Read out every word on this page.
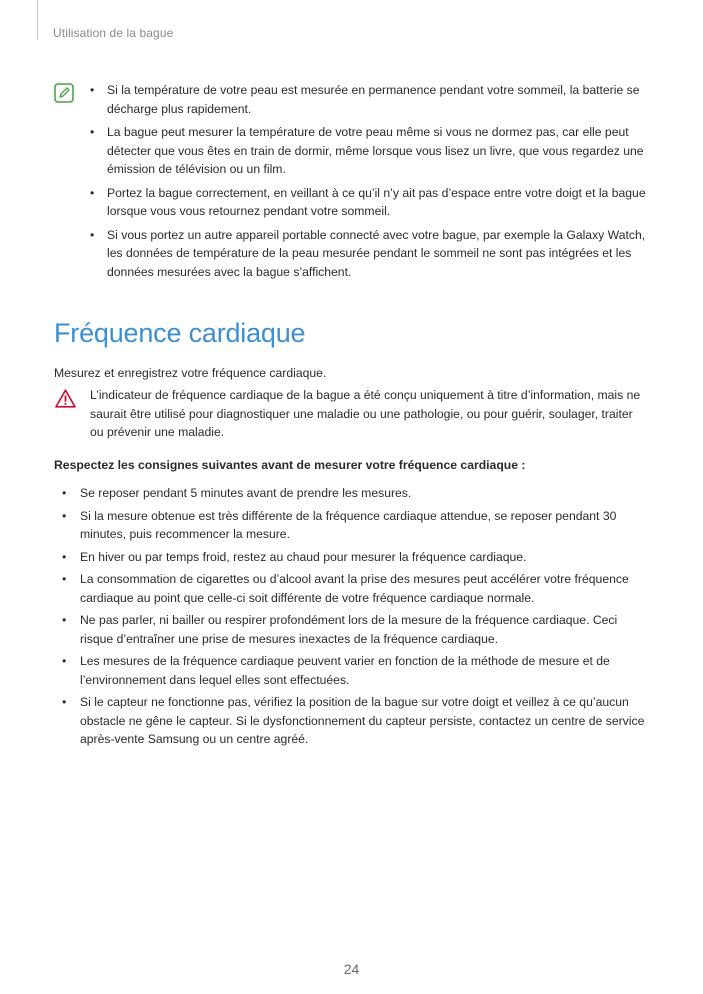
Utilisation de la bague
• Si la température de votre peau est mesurée en permanence pendant votre sommeil, la batterie se décharge plus rapidement.
• La bague peut mesurer la température de votre peau même si vous ne dormez pas, car elle peut détecter que vous êtes en train de dormir, même lorsque vous lisez un livre, que vous regardez une émission de télévision ou un film.
• Portez la bague correctement, en veillant à ce qu’il n’y ait pas d’espace entre votre doigt et la bague lorsque vous vous retournez pendant votre sommeil.
• Si vous portez un autre appareil portable connecté avec votre bague, par exemple la Galaxy Watch, les données de température de la peau mesurée pendant le sommeil ne sont pas intégrées et les données mesurées avec la bague s’affichent.
Fréquence cardiaque
Mesurez et enregistrez votre fréquence cardiaque.
L’indicateur de fréquence cardiaque de la bague a été conçu uniquement à titre d’information, mais ne saurait être utilisé pour diagnostiquer une maladie ou une pathologie, ou pour guérir, soulager, traiter ou prévenir une maladie.
Respectez les consignes suivantes avant de mesurer votre fréquence cardiaque :
• Se reposer pendant 5 minutes avant de prendre les mesures.
• Si la mesure obtenue est très différente de la fréquence cardiaque attendue, se reposer pendant 30 minutes, puis recommencer la mesure.
• En hiver ou par temps froid, restez au chaud pour mesurer la fréquence cardiaque.
• La consommation de cigarettes ou d’alcool avant la prise des mesures peut accélérer votre fréquence cardiaque au point que celle-ci soit différente de votre fréquence cardiaque normale.
• Ne pas parler, ni bailler ou respirer profondément lors de la mesure de la fréquence cardiaque. Ceci risque d’entraîner une prise de mesures inexactes de la fréquence cardiaque.
• Les mesures de la fréquence cardiaque peuvent varier en fonction de la méthode de mesure et de l’environnement dans lequel elles sont effectuées.
• Si le capteur ne fonctionne pas, vérifiez la position de la bague sur votre doigt et veillez à ce qu’aucun obstacle ne gêne le capteur. Si le dysfonctionnement du capteur persiste, contactez un centre de service après-vente Samsung ou un centre agréé.
24
